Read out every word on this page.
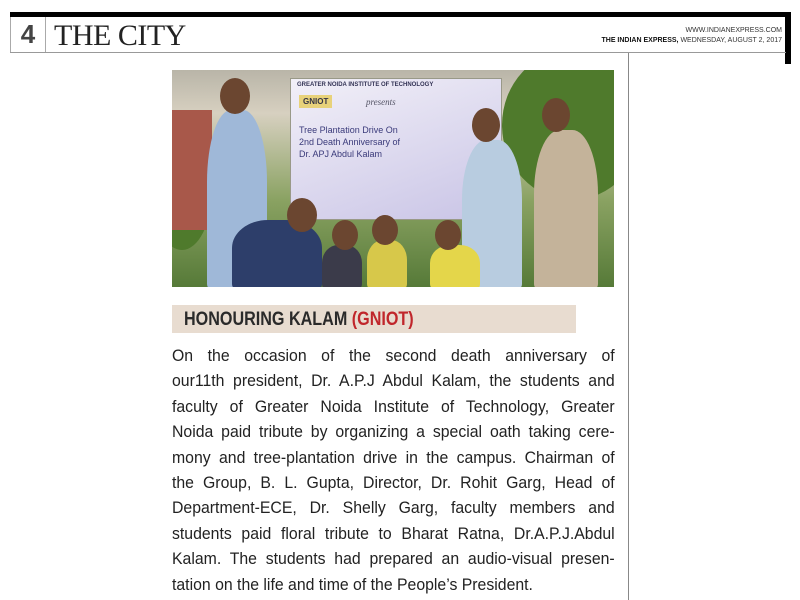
4 THE CITY	WWW.INDIANEXPRESS.COM
THE INDIAN EXPRESS, WEDNESDAY, AUGUST 2, 2017
GREATER NOIDA INSTITUTE OF TECHNOLOGY
GNIOT	presents
Tree Plantation Drive On
2nd Death Anniversary of
Dr. APJ Abdul Kalam
HONOURING KALAM (GNIOT)
On the occasion of the second death anniversary of
our11th president, Dr. A.P.J Abdul Kalam, the students and
faculty of Greater Noida Institute of Technology, Greater
Noida paid tribute by organizing a special oath taking cere-
mony and tree-plantation drive in the campus. Chairman of
the Group, B. L. Gupta, Director, Dr. Rohit Garg, Head of
Department-ECE, Dr. Shelly Garg, faculty members and
students paid floral tribute to Bharat Ratna, Dr.A.P.J.Abdul
Kalam. The students had prepared an audio-visual presen-
tation on the life and time of the People’s President.
